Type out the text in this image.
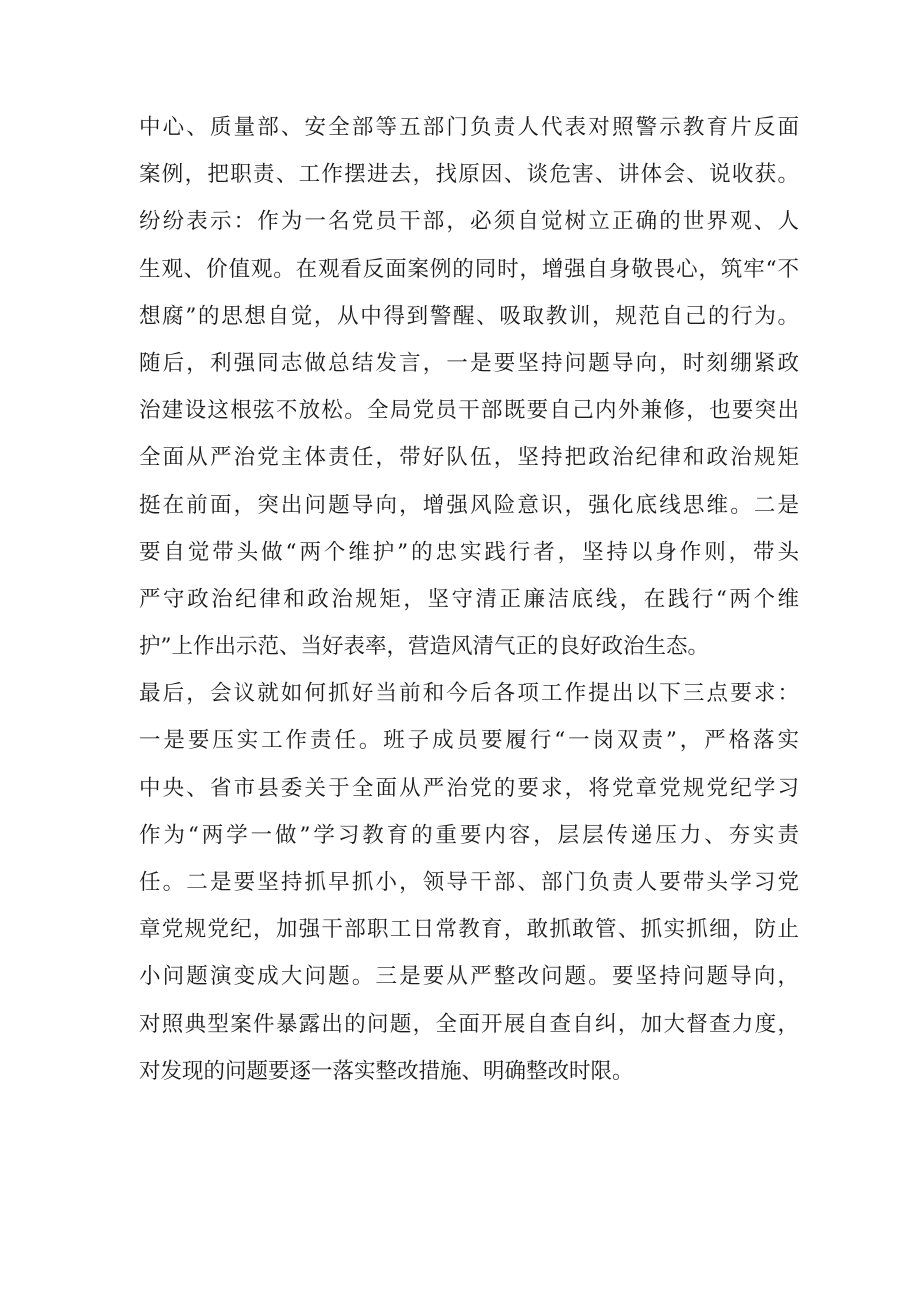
中心、质量部、安全部等五部门负责人代表对照警示教育片反面
案例，把职责、工作摆进去，找原因、谈危害、讲体会、说收获。
纷纷表示：作为一名党员干部，必须自觉树立正确的世界观、人
生观、价值观。在观看反面案例的同时，增强自身敬畏心，筑牢“不
想腐”的思想自觉，从中得到警醒、吸取教训，规范自己的行为。
随后，利强同志做总结发言，一是要坚持问题导向，时刻绷紧政
治建设这根弦不放松。全局党员干部既要自己内外兼修，也要突出
全面从严治党主体责任，带好队伍，坚持把政治纪律和政治规矩
挺在前面，突出问题导向，增强风险意识，强化底线思维。二是
要自觉带头做“两个维护”的忠实践行者，坚持以身作则，带头
严守政治纪律和政治规矩，坚守清正廉洁底线，在践行“两个维
护”上作出示范、当好表率，营造风清气正的良好政治生态。
最后，会议就如何抓好当前和今后各项工作提出以下三点要求：
一是要压实工作责任。班子成员要履行“一岗双责”，严格落实
中央、省市县委关于全面从严治党的要求，将党章党规党纪学习
作为“两学一做”学习教育的重要内容，层层传递压力、夯实责
任。二是要坚持抓早抓小，领导干部、部门负责人要带头学习党
章党规党纪，加强干部职工日常教育，敢抓敢管、抓实抓细，防止
小问题演变成大问题。三是要从严整改问题。要坚持问题导向，
对照典型案件暴露出的问题，全面开展自查自纠，加大督查力度，
对发现的问题要逐一落实整改措施、明确整改时限。
